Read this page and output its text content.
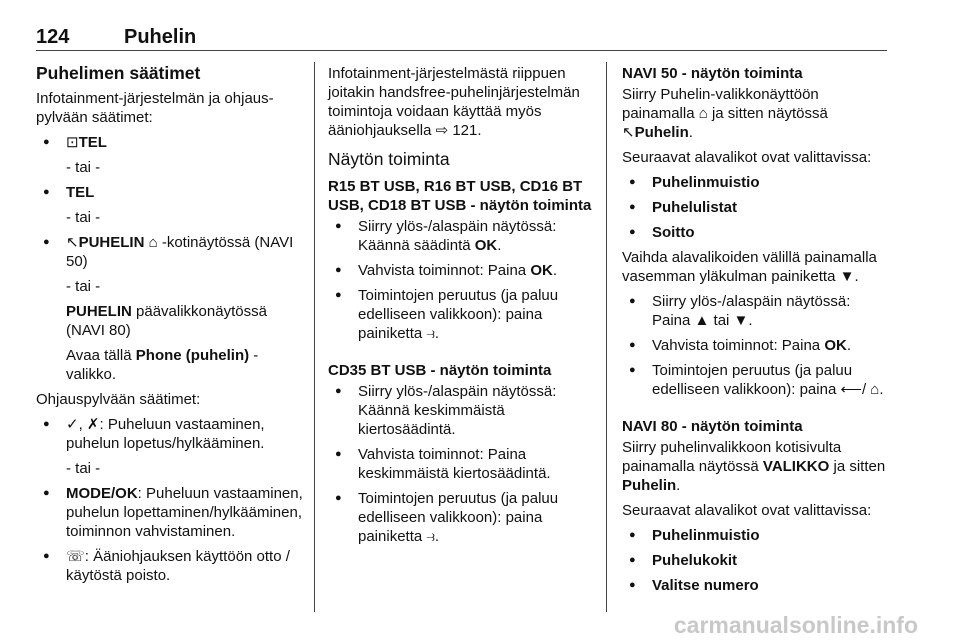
124	Puhelin
Puhelimen säätimet
Infotainment-järjestelmän ja ohjaus-pylvään säätimet:
● ⊡TEL
- tai -
● TEL
- tai -
● ↖PUHELIN ⌂ -kotinäytössä (NAVI 50)
- tai -
PUHELIN päävalikkonäytössä (NAVI 80)
Avaa tällä Phone (puhelin) -valikko.
Ohjauspylvään säätimet:
● ✓, ✗: Puheluun vastaaminen, puhelun lopetus/hylkääminen.
- tai -
● MODE/OK: Puheluun vastaaminen, puhelun lopettaminen/hylkääminen, toiminnon vahvistaminen.
● ☏: Ääniohjauksen käyttöön otto / käytöstä poisto.
Infotainment-järjestelmästä riippuen joitakin handsfree-puhelinjärjestelmän toimintoja voidaan käyttää myös ääniohjauksella ⇨ 121.
Näytön toiminta
R15 BT USB, R16 BT USB, CD16 BT USB, CD18 BT USB - näytön toiminta
● Siirry ylös-/alaspäin näytössä: Käännä säädintä OK.
● Vahvista toiminnot: Paina OK.
● Toimintojen peruutus (ja paluu edelliseen valikkoon): paina painiketta ⥽.
CD35 BT USB - näytön toiminta
● Siirry ylös-/alaspäin näytössä: Käännä keskimmäistä kiertosäädintä.
● Vahvista toiminnot: Paina keskimmäistä kiertosäädintä.
● Toimintojen peruutus (ja paluu edelliseen valikkoon): paina painiketta ⥽.
NAVI 50 - näytön toiminta
Siirry Puhelin-valikkonäyttöön painamalla ⌂ ja sitten näytössä ↖Puhelin.
Seuraavat alavalikot ovat valittavissa:
● Puhelinmuistio
● Puhelulistat
● Soitto
Vaihda alavalikoiden välillä painamalla vasemman yläkulman painiketta ▼.
● Siirry ylös-/alaspäin näytössä: Paina ▲ tai ▼.
● Vahvista toiminnot: Paina OK.
● Toimintojen peruutus (ja paluu edelliseen valikkoon): paina ⟵/ ⌂.
NAVI 80 - näytön toiminta
Siirry puhelinvalikkoon kotisivulta painamalla näytössä VALIKKO ja sitten Puhelin.
Seuraavat alavalikot ovat valittavissa:
● Puhelinmuistio
● Puhelukokit
● Valitse numero
carmanualsonline.info
